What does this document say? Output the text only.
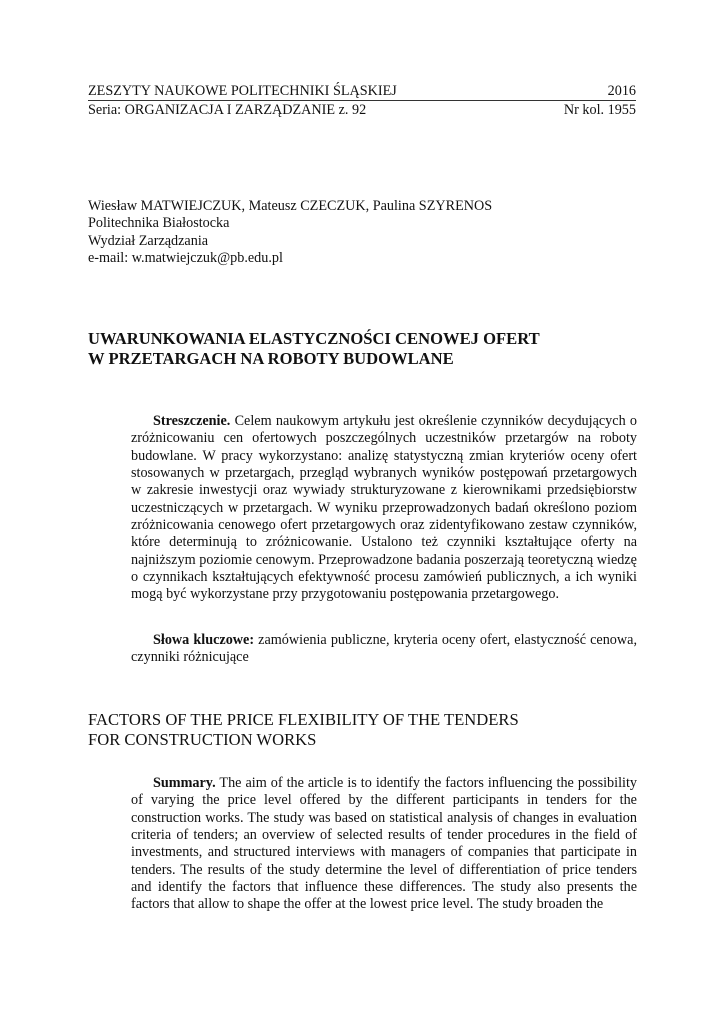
ZESZYTY NAUKOWE POLITECHNIKI ŚLĄSKIEJ	2016
Seria: ORGANIZACJA I ZARZĄDZANIE z. 92	Nr kol. 1955
Wiesław MATWIEJCZUK, Mateusz CZECZUK, Paulina SZYRENOS
Politechnika Białostocka
Wydział Zarządzania
e-mail: w.matwiejczuk@pb.edu.pl
UWARUNKOWANIA ELASTYCZNOŚCI CENOWEJ OFERT
W PRZETARGACH NA ROBOTY BUDOWLANE

Streszczenie. Celem naukowym artykułu jest określenie czynników decydujących o zróżnicowaniu cen ofertowych poszczególnych uczestników przetargów na roboty budowlane. W pracy wykorzystano: analizę statystyczną zmian kryteriów oceny ofert stosowanych w przetargach, przegląd wybranych wyników postępowań przetargowych w zakresie inwestycji oraz wywiady strukturyzowane z kierownikami przedsiębiorstw uczestniczących w przetargach. W wyniku przeprowadzonych badań określono poziom zróżnicowania cenowego ofert przetargowych oraz zidentyfikowano zestaw czynników, które determinują to zróżnicowanie. Ustalono też czynniki kształtujące oferty na najniższym poziomie cenowym. Przeprowadzone badania poszerzają teoretyczną wiedzę o czynnikach kształtujących efektywność procesu zamówień publicznych, a ich wyniki mogą być wykorzystane przy przygotowaniu postępowania przetargowego.

Słowa kluczowe: zamówienia publiczne, kryteria oceny ofert, elastyczność cenowa, czynniki różnicujące

FACTORS OF THE PRICE FLEXIBILITY OF THE TENDERS
FOR CONSTRUCTION WORKS

Summary. The aim of the article is to identify the factors influencing the possibility of varying the price level offered by the different participants in tenders for the construction works. The study was based on statistical analysis of changes in evaluation criteria of tenders; an overview of selected results of tender procedures in the field of investments, and structured interviews with managers of companies that participate in tenders. The results of the study determine the level of differentiation of price tenders and identify the factors that influence these differences. The study also presents the factors that allow to shape the offer at the lowest price level. The study broaden the
